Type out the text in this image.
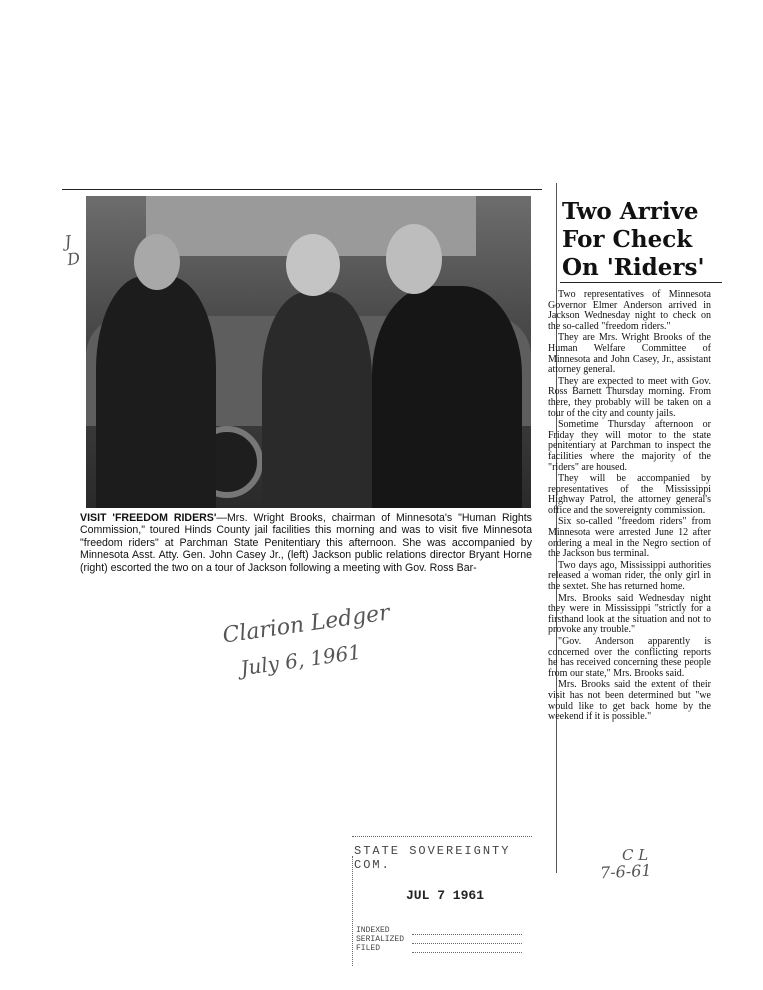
J D
VISIT 'FREEDOM RIDERS'—Mrs. Wright Brooks, chairman of Minnesota's "Human Rights Commission," toured Hinds County jail facilities this morning and was to visit five Minnesota "freedom riders" at Parchman State Penitentiary this afternoon. She was accompanied by Minnesota Asst. Atty. Gen. John Casey Jr., (left) Jackson public relations director Bryant Horne (right) escorted the two on a tour of Jackson following a meeting with Gov. Ross Bar-
Two Arrive
For Check
On 'Riders'

Two representatives of Minnesota Governor Elmer Anderson arrived in Jackson Wednesday night to check on the so-called "freedom riders."

They are Mrs. Wright Brooks of the Human Welfare Committee of Minnesota and John Casey, Jr., assistant attorney general.

They are expected to meet with Gov. Ross Barnett Thursday morning. From there, they probably will be taken on a tour of the city and county jails.

Sometime Thursday afternoon or Friday they will motor to the state penitentiary at Parchman to inspect the facilities where the majority of the "riders" are housed.

They will be accompanied by representatives of the Mississippi Highway Patrol, the attorney general's office and the sovereignty commission.

Six so-called "freedom riders" from Minnesota were arrested June 12 after ordering a meal in the Negro section of the Jackson bus terminal.

Two days ago, Mississippi authorities released a woman rider, the only girl in the sextet. She has returned home.

Mrs. Brooks said Wednesday night they were in Mississippi "strictly for a firsthand look at the situation and not to provoke any trouble."

"Gov. Anderson apparently is concerned over the conflicting reports he has received concerning these people from our state," Mrs. Brooks said.

Mrs. Brooks said the extent of their visit has not been determined but "we would like to get back home by the weekend if it is possible."

Clarion Ledger
July 6, 1961
C L
7-6-61
STATE SOVEREIGNTY COM.
JUL 7 1961
INDEXED
SERIALIZED
FILED
